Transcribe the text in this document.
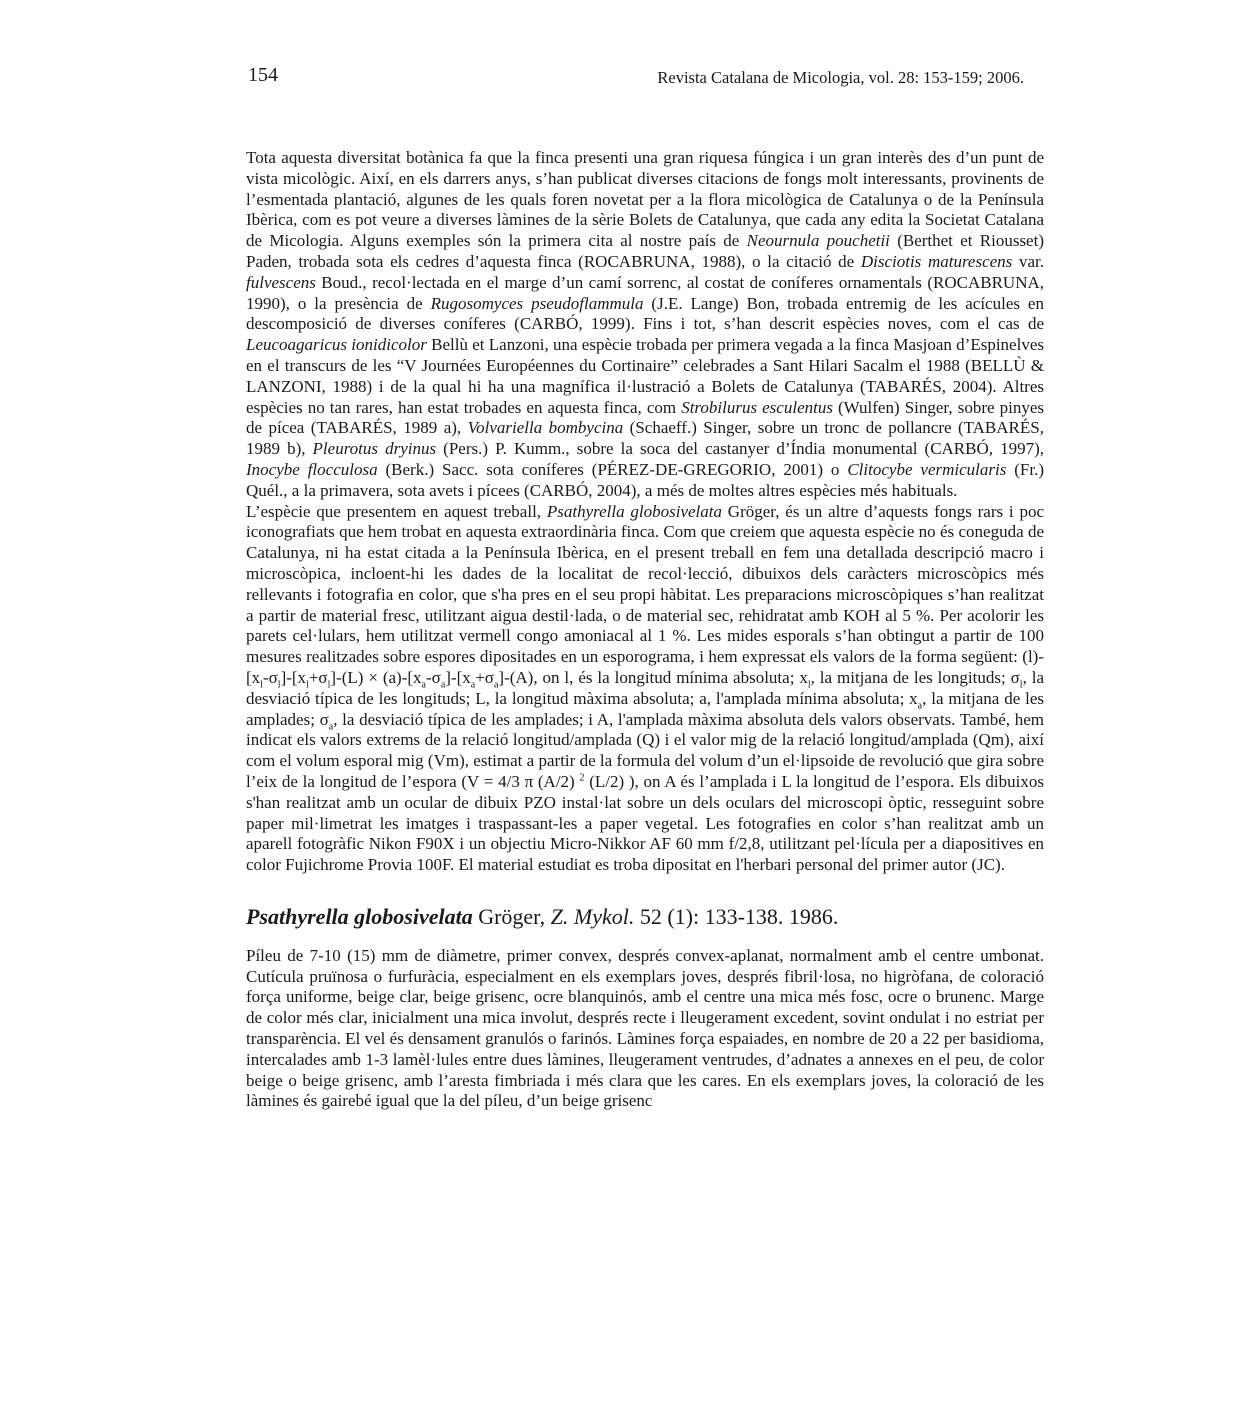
154	Revista Catalana de Micologia, vol. 28: 153-159; 2006.

Tota aquesta diversitat botànica fa que la finca presenti una gran riquesa fúngica i un gran interès des d’un punt de vista micològic. Així, en els darrers anys, s’han publicat diverses citacions de fongs molt interessants, provinents de l’esmentada plantació, algunes de les quals foren novetat per a la flora micològica de Catalunya o de la Península Ibèrica, com es pot veure a diverses làmines de la sèrie Bolets de Catalunya, que cada any edita la Societat Catalana de Micologia. Alguns exemples són la primera cita al nostre país de Neournula pouchetii (Berthet et Riousset) Paden, trobada sota els cedres d’aquesta finca (ROCABRUNA, 1988), o la citació de Disciotis maturescens var. fulvescens Boud., recol·lectada en el marge d’un camí sorrenc, al costat de coníferes ornamentals (ROCABRUNA, 1990), o la presència de Rugosomyces pseudoflammula (J.E. Lange) Bon, trobada entremig de les acícules en descomposició de diverses coníferes (CARBÓ, 1999). Fins i tot, s’han descrit espècies noves, com el cas de Leucoagaricus ionidicolor Bellù et Lanzoni, una espècie trobada per primera vegada a la finca Masjoan d’Espinelves en el transcurs de les “V Journées Européennes du Cortinaire” celebrades a Sant Hilari Sacalm el 1988 (BELLÙ & LANZONI, 1988) i de la qual hi ha una magnífica il·lustració a Bolets de Catalunya (TABARÉS, 2004). Altres espècies no tan rares, han estat trobades en aquesta finca, com Strobilurus esculentus (Wulfen) Singer, sobre pinyes de pícea (TABARÉS, 1989 a), Volvariella bombycina (Schaeff.) Singer, sobre un tronc de pollancre (TABARÉS, 1989 b), Pleurotus dryinus (Pers.) P. Kumm., sobre la soca del castanyer d’Índia monumental (CARBÓ, 1997), Inocybe flocculosa (Berk.) Sacc. sota coníferes (PÉREZ-DE-GREGORIO, 2001) o Clitocybe vermicularis (Fr.) Quél., a la primavera, sota avets i pícees (CARBÓ, 2004), a més de moltes altres espècies més habituals.

L’espècie que presentem en aquest treball, Psathyrella globosivelata Gröger, és un altre d’aquests fongs rars i poc iconografiats que hem trobat en aquesta extraordinària finca. Com que creiem que aquesta espècie no és coneguda de Catalunya, ni ha estat citada a la Península Ibèrica, en el present treball en fem una detallada descripció macro i microscòpica, incloent-hi les dades de la localitat de recol·lecció, dibuixos dels caràcters microscòpics més rellevants i fotografia en color, que s'ha pres en el seu propi hàbitat. Les preparacions microscòpiques s’han realitzat a partir de material fresc, utilitzant aigua destil·lada, o de material sec, rehidratat amb KOH al 5 %. Per acolorir les parets cel·lulars, hem utilitzat vermell congo amoniacal al 1 %. Les mides esporals s’han obtingut a partir de 100 mesures realitzades sobre espores dipositades en un esporograma, i hem expressat els valors de la forma següent: $(l)-[x_l-\sigma_l]-[x_l+\sigma_l]-(L) \times (a)-[x_a-\sigma_a]-[x_a+\sigma_a]-(A)$, on l, és la longitud mínima absoluta; $x_l$, la mitjana de les longituds; $\sigma_l$, la desviació típica de les longituds; L, la longitud màxima absoluta; a, l'amplada mínima absoluta; $x_a$, la mitjana de les amplades; $\sigma_a$, la desviació típica de les amplades; i A, l'amplada màxima absoluta dels valors observats. També, hem indicat els valors extrems de la relació longitud/amplada (Q) i el valor mig de la relació longitud/amplada (Qm), així com el volum esporal mig (Vm), estimat a partir de la formula del volum d’un el·lipsoide de revolució que gira sobre l’eix de la longitud de l’espora (V = 4/3 π (A/2) $^2$ (L/2) ), on A és l’amplada i L la longitud de l’espora. Els dibuixos s'han realitzat amb un ocular de dibuix PZO instal·lat sobre un dels oculars del microscopi òptic, resseguint sobre paper mil·limetrat les imatges i traspassant-les a paper vegetal. Les fotografies en color s’han realitzat amb un aparell fotogràfic Nikon F90X i un objectiu Micro-Nikkor AF 60 mm f/2,8, utilitzant pel·lícula per a diapositives en color Fujichrome Provia 100F. El material estudiat es troba dipositat en l'herbari personal del primer autor (JC).

Psathyrella globosivelata Gröger, Z. Mykol. 52 (1): 133-138. 1986.

Píleu de 7-10 (15) mm de diàmetre, primer convex, després convex-aplanat, normalment amb el centre umbonat. Cutícula pruïnosa o furfuràcia, especialment en els exemplars joves, després fibril·losa, no higròfana, de coloració força uniforme, beige clar, beige grisenc, ocre blanquinós, amb el centre una mica més fosc, ocre o brunenc. Marge de color més clar, inicialment una mica involut, després recte i lleugerament excedent, sovint ondulat i no estriat per transparència. El vel és densament granulós o farinós. Làmines força espaiades, en nombre de 20 a 22 per basidioma, intercalades amb 1-3 lamèl·lules entre dues làmines, lleugerament ventrudes, d’adnates a annexes en el peu, de color beige o beige grisenc, amb l’aresta fimbriada i més clara que les cares. En els exemplars joves, la coloració de les làmines és gairebé igual que la del píleu, d’un beige grisenc
